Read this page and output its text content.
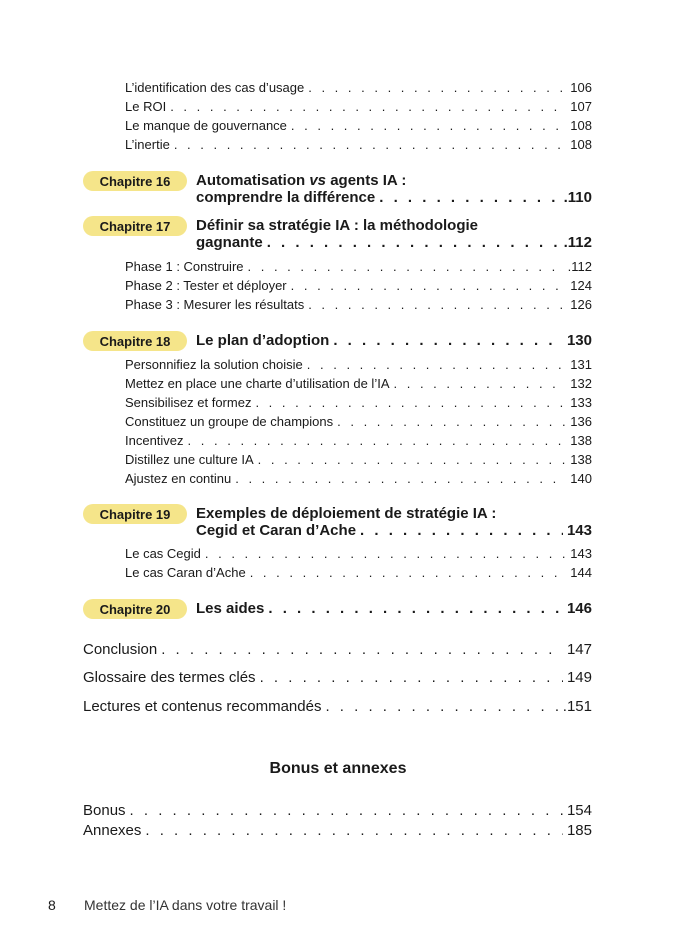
L’identification des cas d’usage . . .	106
Le ROI . . .	107
Le manque de gouvernance . . .	108
L’inertie . . .	108
Chapitre 16	Automatisation vs agents IA :
comprendre la différence . . .	.110
Chapitre 17	Définir sa stratégie IA : la méthodologie
gagnante . . .	.112
Phase 1 : Construire . . .	.112
Phase 2 : Tester et déployer . . .	124
Phase 3 : Mesurer les résultats . . .	126
Chapitre 18	Le plan d’adoption . . .	130
Personnifiez la solution choisie . . .	131
Mettez en place une charte d’utilisation de l’IA . . .	132
Sensibilisez et formez . . .	133
Constituez un groupe de champions . . .	136
Incentivez . . .	138
Distillez une culture IA . . .	138
Ajustez en continu . . .	140
Chapitre 19	Exemples de déploiement de stratégie IA :
Cegid et Caran d’Ache . . .	143
Le cas Cegid . . .	143
Le cas Caran d’Ache . . .	144
Chapitre 20	Les aides . . .	146
Conclusion . . .	147
Glossaire des termes clés . . .	149
Lectures et contenus recommandés . . .	.151
Bonus et annexes
Bonus . . .	154
Annexes . . .	185
8 Mettez de l’IA dans votre travail !
